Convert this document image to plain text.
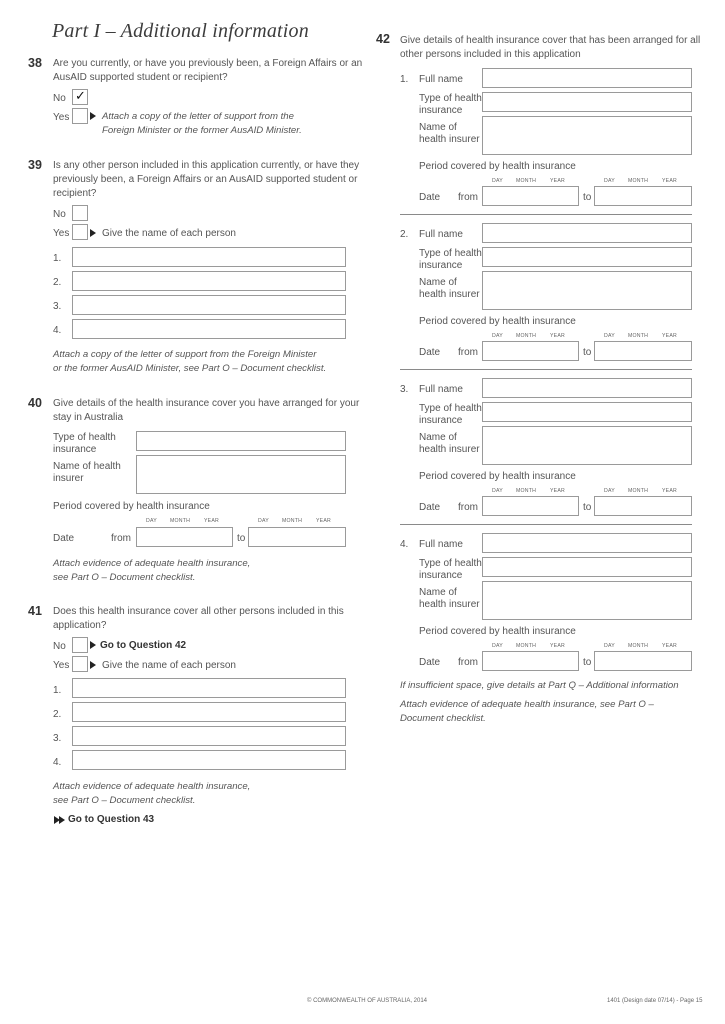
Part I – Additional information
38 Are you currently, or have you previously been, a Foreign Affairs or an
AusAID supported student or recipient?
No ✓
Yes	Attach a copy of the letter of support from the
Foreign Minister or the former AusAID Minister.
39 Is any other person included in this application currently, or have they
previously been, a Foreign Affairs or an AusAID supported student or
recipient?
No
Yes	Give the name of each person
1.
2.
3.
4.
Attach a copy of the letter of support from the Foreign Minister
or the former AusAID Minister, see Part O – Document checklist.
40 Give details of the health insurance cover you have arranged for your
stay in Australia
Type of health
insurance
Name of health
insurer
Period covered by health insurance
DAY	MONTH	YEAR	DAY	MONTH	YEAR
Date	from	to
Attach evidence of adequate health insurance,
see Part O – Document checklist.
41 Does this health insurance cover all other persons included in this
application?
No	Go to Question 42
Yes	Give the name of each person
1.
2.
3.
4.
Attach evidence of adequate health insurance,
see Part O – Document checklist.
Go to Question 43
42 Give details of health insurance cover that has been arranged for all
other persons included in this application
1. Full name
Type of health
insurance
Name of
health insurer
Period covered by health insurance
DAY	MONTH	YEAR	DAY	MONTH	YEAR
Date from	to
2. Full name
Type of health
insurance
Name of
health insurer
Period covered by health insurance
DAY	MONTH	YEAR	DAY	MONTH	YEAR
Date from	to
3. Full name
Type of health
insurance
Name of
health insurer
Period covered by health insurance
DAY	MONTH	YEAR	DAY	MONTH	YEAR
Date from	to
4. Full name
Type of health
insurance
Name of
health insurer
Period covered by health insurance
DAY	MONTH	YEAR	DAY	MONTH	YEAR
Date from	to
If insufficient space, give details at Part Q – Additional information
Attach evidence of adequate health insurance, see Part O –
Document checklist.
© COMMONWEALTH OF AUSTRALIA, 2014	1401 (Design date 07/14) - Page 15
